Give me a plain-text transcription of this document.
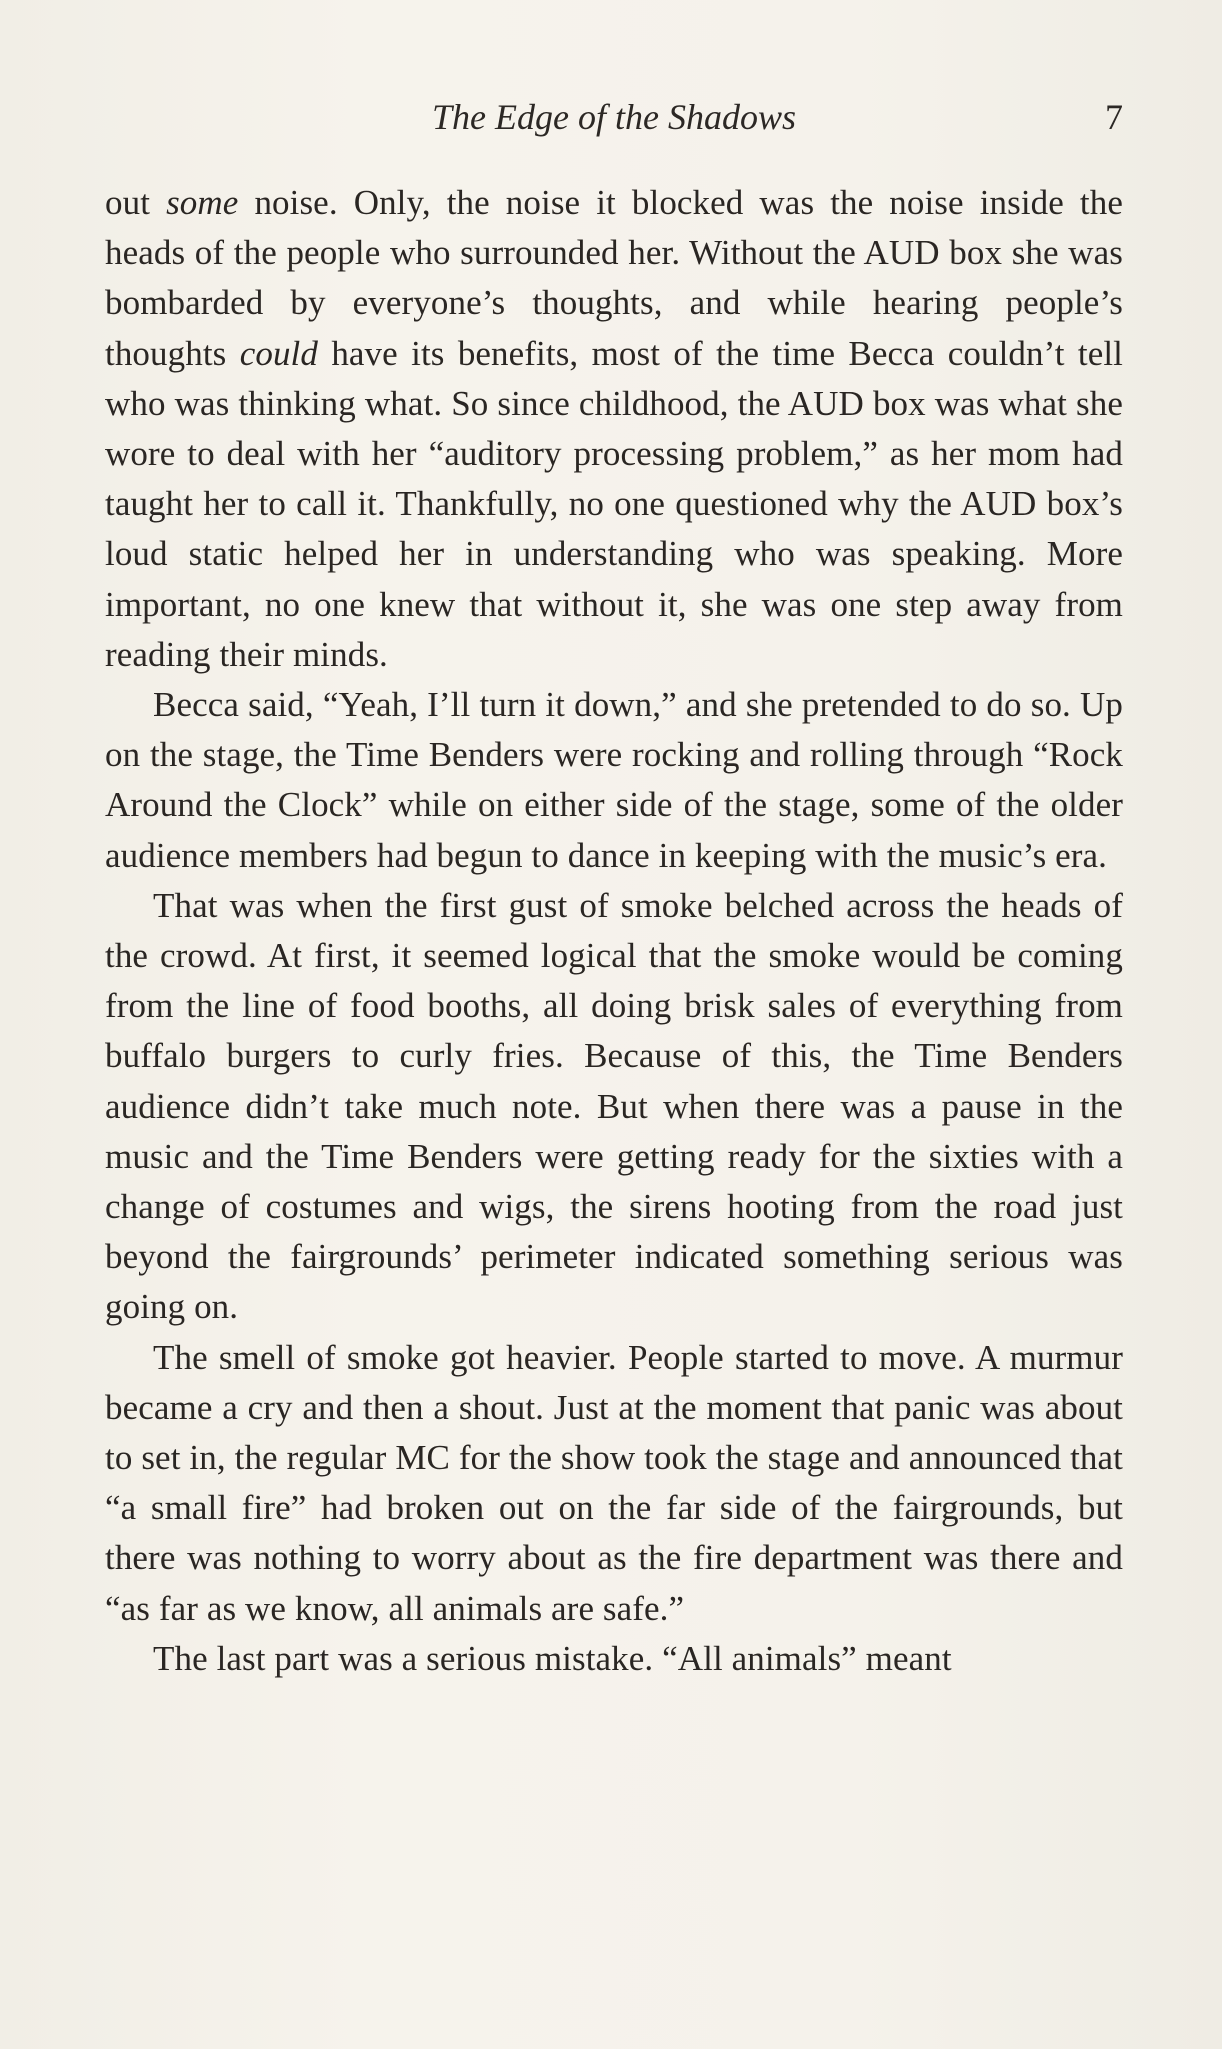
The Edge of the Shadows	7

out some noise. Only, the noise it blocked was the noise inside the heads of the people who surrounded her. Without the AUD box she was bombarded by everyone’s thoughts, and while hearing people’s thoughts could have its benefits, most of the time Becca couldn’t tell who was thinking what. So since childhood, the AUD box was what she wore to deal with her “auditory processing problem,” as her mom had taught her to call it. Thankfully, no one questioned why the AUD box’s loud static helped her in understanding who was speaking. More important, no one knew that without it, she was one step away from reading their minds.

Becca said, “Yeah, I’ll turn it down,” and she pretended to do so. Up on the stage, the Time Benders were rocking and rolling through “Rock Around the Clock” while on either side of the stage, some of the older audience members had begun to dance in keeping with the music’s era.

That was when the first gust of smoke belched across the heads of the crowd. At first, it seemed logical that the smoke would be coming from the line of food booths, all doing brisk sales of everything from buffalo burgers to curly fries. Because of this, the Time Benders audience didn’t take much note. But when there was a pause in the music and the Time Benders were getting ready for the sixties with a change of costumes and wigs, the sirens hooting from the road just beyond the fairgrounds’ perimeter indicated something serious was going on.

The smell of smoke got heavier. People started to move. A murmur became a cry and then a shout. Just at the moment that panic was about to set in, the regular MC for the show took the stage and announced that “a small fire” had broken out on the far side of the fairgrounds, but there was nothing to worry about as the fire department was there and “as far as we know, all animals are safe.”

The last part was a serious mistake. “All animals” meant
